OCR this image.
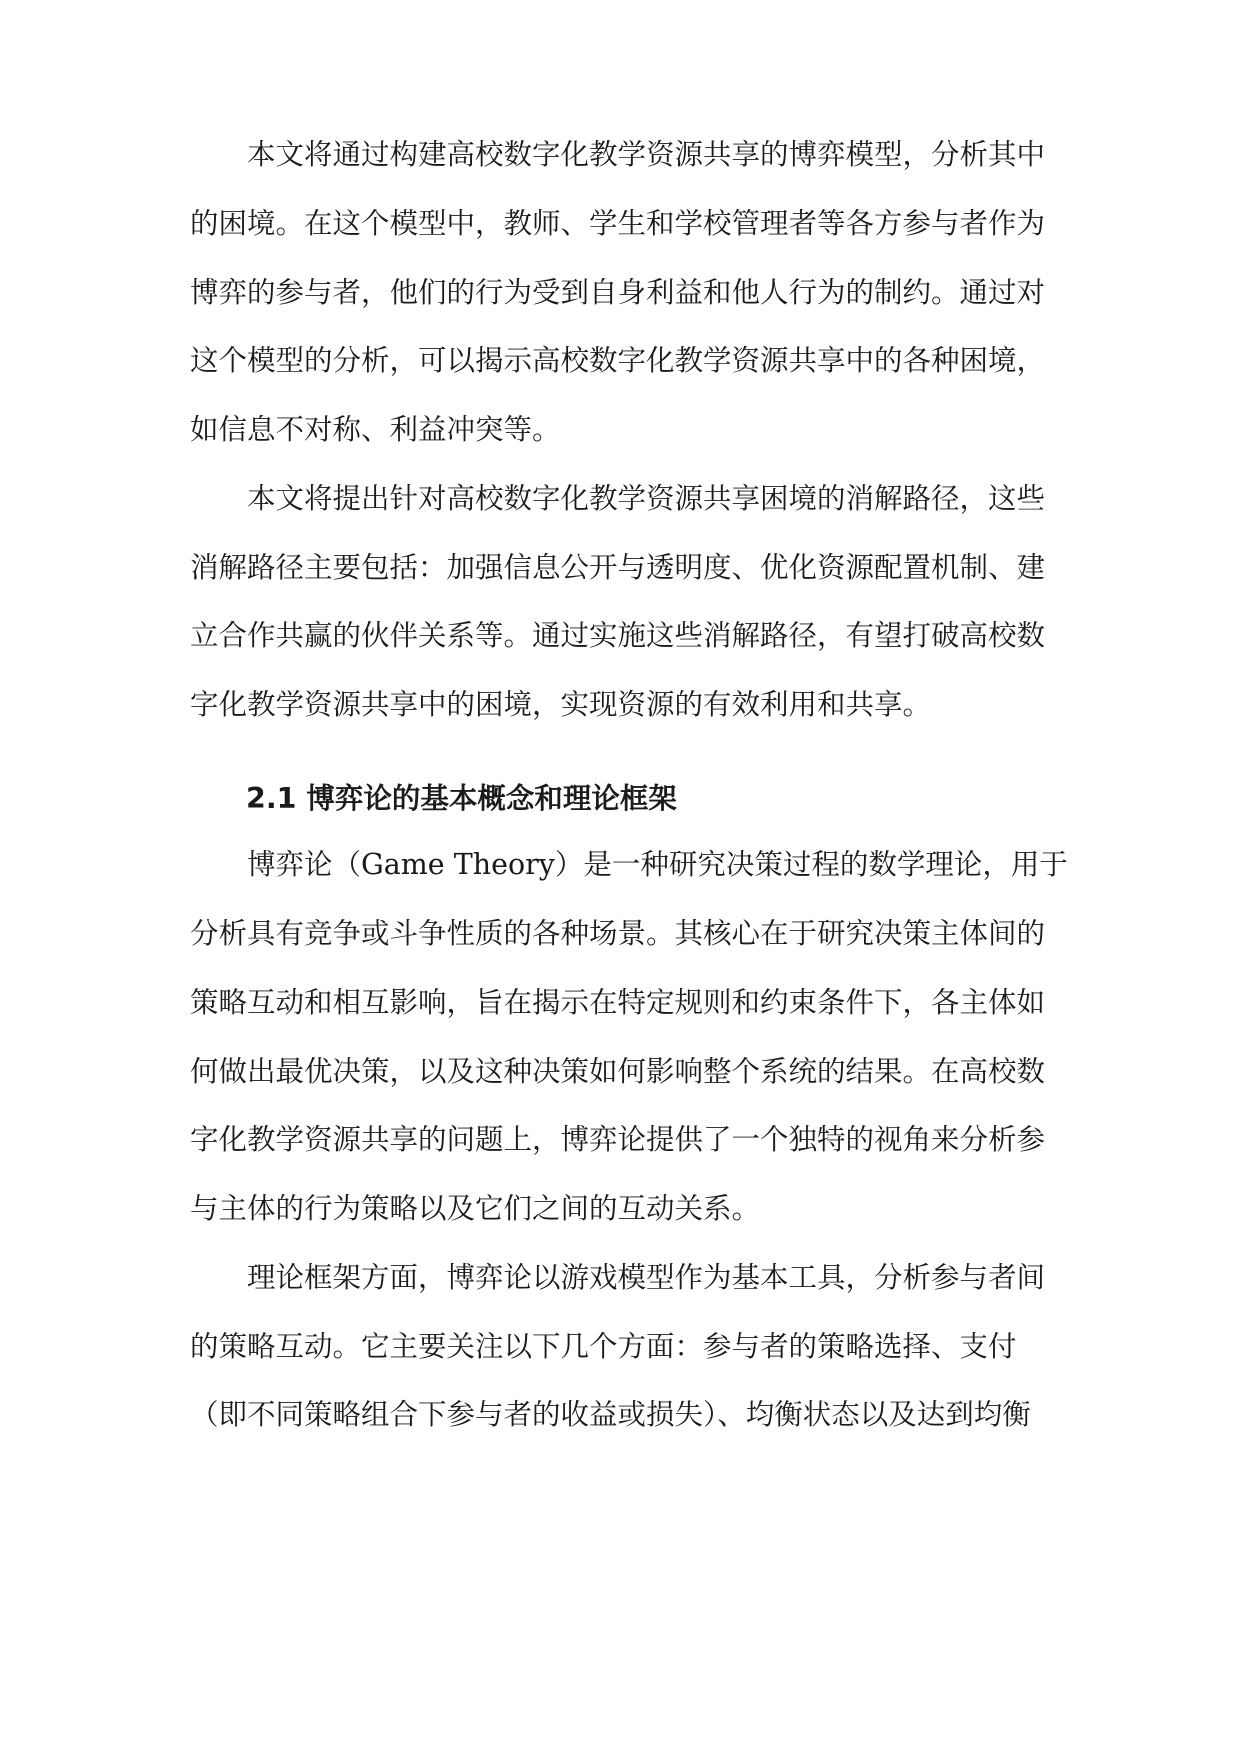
本文将通过构建高校数字化教学资源共享的博弈模型，分析其中
的困境。在这个模型中，教师、学生和学校管理者等各方参与者作为
博弈的参与者，他们的行为受到自身利益和他人行为的制约。通过对
这个模型的分析，可以揭示高校数字化教学资源共享中的各种困境，
如信息不对称、利益冲突等。
本文将提出针对高校数字化教学资源共享困境的消解路径，这些
消解路径主要包括：加强信息公开与透明度、优化资源配置机制、建
立合作共赢的伙伴关系等。通过实施这些消解路径，有望打破高校数
字化教学资源共享中的困境，实现资源的有效利用和共享。
2.1 博弈论的基本概念和理论框架
博弈论（Game Theory）是一种研究决策过程的数学理论，用于
分析具有竞争或斗争性质的各种场景。其核心在于研究决策主体间的
策略互动和相互影响，旨在揭示在特定规则和约束条件下，各主体如
何做出最优决策，以及这种决策如何影响整个系统的结果。在高校数
字化教学资源共享的问题上，博弈论提供了一个独特的视角来分析参
与主体的行为策略以及它们之间的互动关系。
理论框架方面，博弈论以游戏模型作为基本工具，分析参与者间
的策略互动。它主要关注以下几个方面：参与者的策略选择、支付
（即不同策略组合下参与者的收益或损失）、均衡状态以及达到均衡
